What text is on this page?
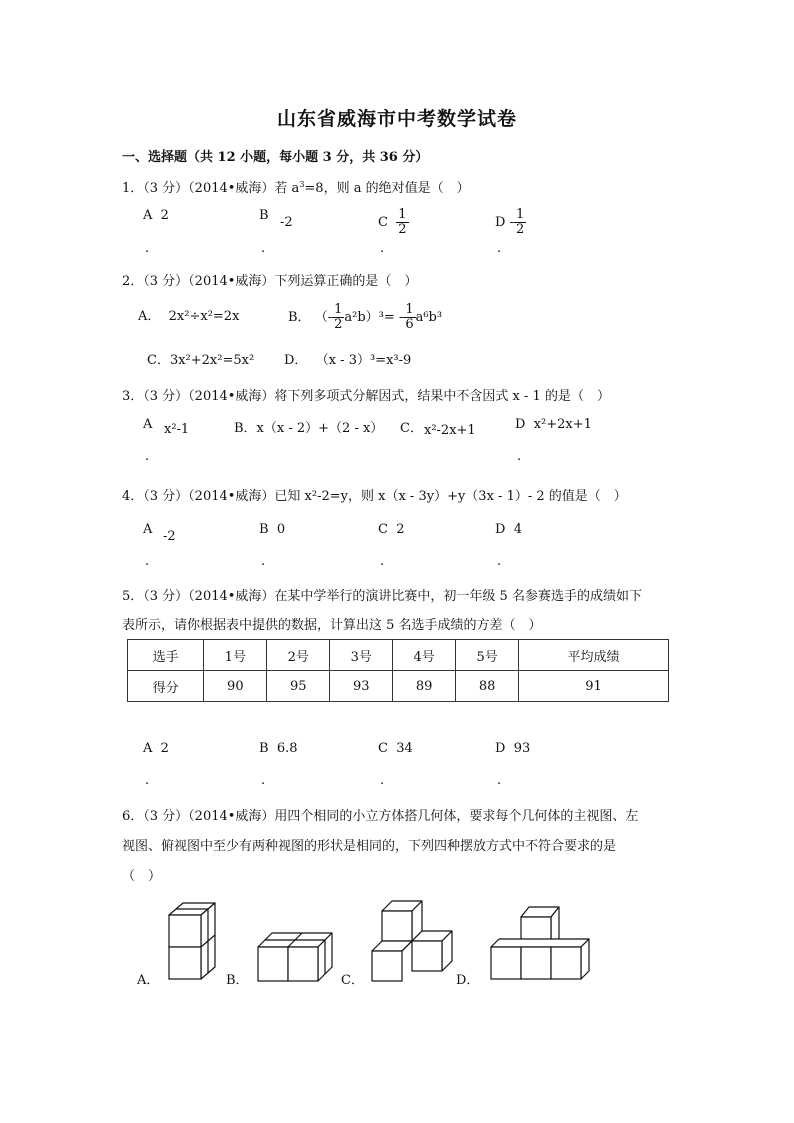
山东省威海市中考数学试卷
一、选择题（共 12 小题，每小题 3 分，共 36 分）
1．（3 分）（2014•威海）若 $a^3=8$，则 a 的绝对值是（　）
A 2	B -2	C $\frac{1}{2}$	D - $\frac{1}{2}$
.	.	.	.
2．（3 分）（2014•威海）下列运算正确的是（　）
A． 2x²÷x²=2x	B． （- $\frac{1}{2} a^2b)^3= - \frac{1}{6} a^6b^3$
C．3x²+2x²=5x² D． （x - 3）³=x³-9
3．（3 分）（2014•威海）将下列多项式分解因式，结果中不含因式 x - 1 的是（　）
A x²-1	B．x（x - 2）+（2 - x） C． x²-2x+1	D x²+2x+1
.	.
4．（3 分）（2014•威海）已知 x²-2=y，则 x（x - 3y）+y（3x - 1）- 2 的值是（　）
A -2	B 0	C 2	D 4
.	.	.	.
5．（3 分）（2014•威海）在某中学举行的演讲比赛中，初一年级 5 名参赛选手的成绩如下
表所示，请你根据表中提供的数据，计算出这 5 名选手成绩的方差（　）
选手	1号	2号	3号	4号	5号	平均成绩
得分	90	95	93	89	88	91
A 2	B 6.8	C 34	D 93
.	.	.	.
6．（3 分）（2014•威海）用四个相同的小立方体搭几何体，要求每个几何体的主视图、左
视图、俯视图中至少有两种视图的形状是相同的，下列四种摆放方式中不符合要求的是
（　）
A．	B．	C．	D．
